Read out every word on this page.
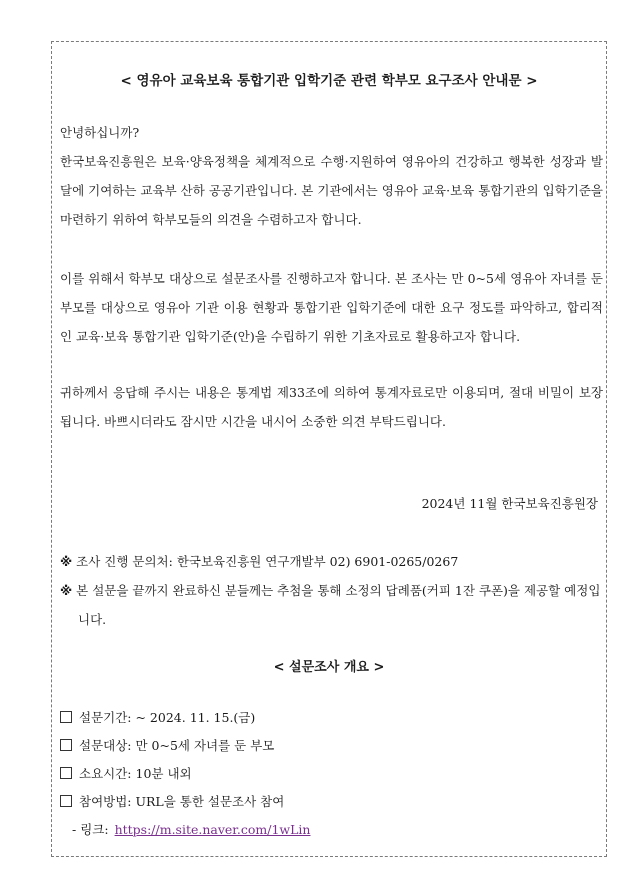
< 영유아 교육보육 통합기관 입학기준 관련 학부모 요구조사 안내문 >
안녕하십니까?
한국보육진흥원은 보육·양육정책을 체계적으로 수행·지원하여 영유아의 건강하고 행복한 성장과 발달에 기여하는 교육부 산하 공공기관입니다. 본 기관에서는 영유아 교육·보육 통합기관의 입학기준을 마련하기 위하여 학부모들의 의견을 수렴하고자 합니다.
이를 위해서 학부모 대상으로 설문조사를 진행하고자 합니다. 본 조사는 만 0~5세 영유아 자녀를 둔 부모를 대상으로 영유아 기관 이용 현황과 통합기관 입학기준에 대한 요구 정도를 파악하고, 합리적인 교육·보육 통합기관 입학기준(안)을 수립하기 위한 기초자료로 활용하고자 합니다.
귀하께서 응답해 주시는 내용은 통계법 제33조에 의하여 통계자료로만 이용되며, 절대 비밀이 보장됩니다. 바쁘시더라도 잠시만 시간을 내시어 소중한 의견 부탁드립니다.
2024년 11월 한국보육진흥원장
※ 조사 진행 문의처: 한국보육진흥원 연구개발부 02) 6901-0265/0267
※ 본 설문을 끝까지 완료하신 분들께는 추첨을 통해 소정의 답례품(커피 1잔 쿠폰)을 제공할 예정입니다.
< 설문조사 개요 >
설문기간: ~ 2024. 11. 15.(금)
설문대상: 만 0~5세 자녀를 둔 부모
소요시간: 10분 내외
참여방법: URL을 통한 설문조사 참여
- 링크: https://m.site.naver.com/1wLin
